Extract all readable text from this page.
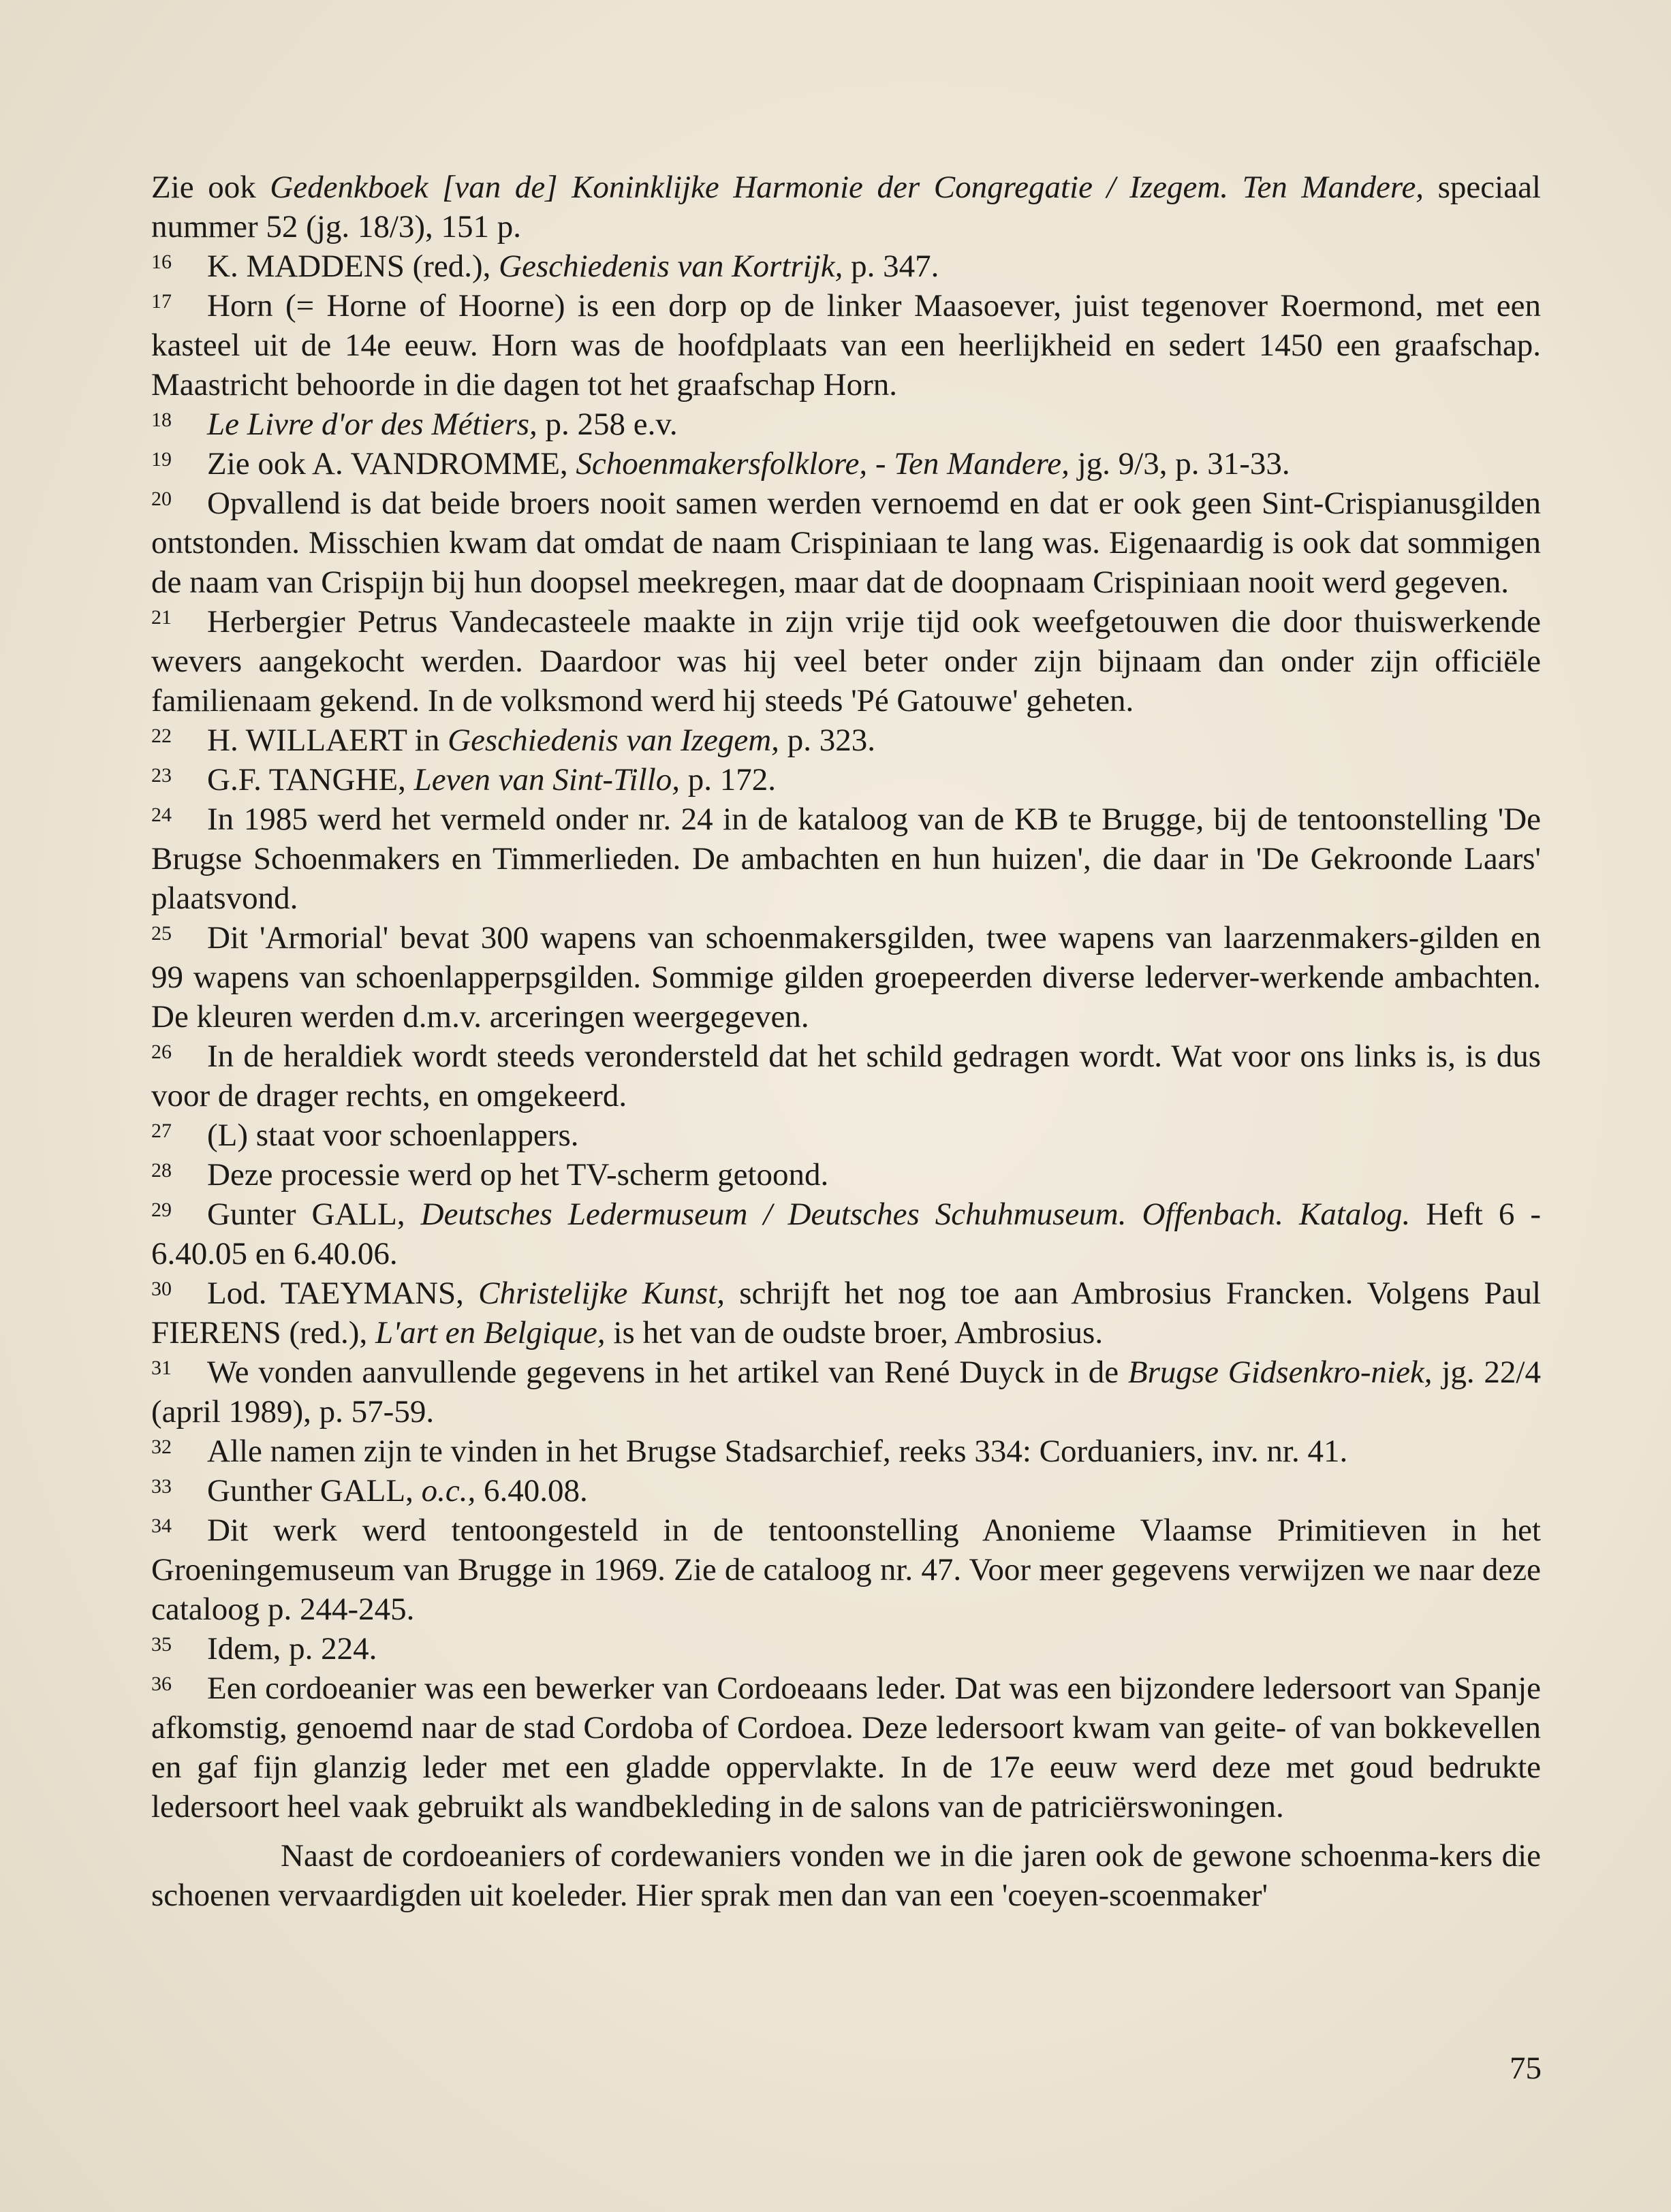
Zie ook Gedenkboek [van de] Koninklijke Harmonie der Congregatie / Izegem. Ten Mandere, speciaal nummer 52 (jg. 18/3), 151 p.

16 K. MADDENS (red.), Geschiedenis van Kortrijk, p. 347.

17 Horn (= Horne of Hoorne) is een dorp op de linker Maasoever, juist tegenover Roermond, met een kasteel uit de 14e eeuw. Horn was de hoofdplaats van een heerlijkheid en sedert 1450 een graafschap. Maastricht behoorde in die dagen tot het graafschap Horn.

18 Le Livre d'or des Métiers, p. 258 e.v.

19 Zie ook A. VANDROMME, Schoenmakersfolklore, - Ten Mandere, jg. 9/3, p. 31-33.

20 Opvallend is dat beide broers nooit samen werden vernoemd en dat er ook geen Sint-Crispianusgilden ontstonden. Misschien kwam dat omdat de naam Crispiniaan te lang was. Eigenaardig is ook dat sommigen de naam van Crispijn bij hun doopsel meekregen, maar dat de doopnaam Crispiniaan nooit werd gegeven.

21 Herbergier Petrus Vandecasteele maakte in zijn vrije tijd ook weefgetouwen die door thuiswerkende wevers aangekocht werden. Daardoor was hij veel beter onder zijn bijnaam dan onder zijn officiële familienaam gekend. In de volksmond werd hij steeds 'Pé Gatouwe' geheten.

22 H. WILLAERT in Geschiedenis van Izegem, p. 323.

23 G.F. TANGHE, Leven van Sint-Tillo, p. 172.

24 In 1985 werd het vermeld onder nr. 24 in de kataloog van de KB te Brugge, bij de tentoonstelling 'De Brugse Schoenmakers en Timmerlieden. De ambachten en hun huizen', die daar in 'De Gekroonde Laars' plaatsvond.

25 Dit 'Armorial' bevat 300 wapens van schoenmakersgilden, twee wapens van laarzenmakers-gilden en 99 wapens van schoenlapperpsgilden. Sommige gilden groepeerden diverse lederver-werkende ambachten. De kleuren werden d.m.v. arceringen weergegeven.

26 In de heraldiek wordt steeds verondersteld dat het schild gedragen wordt. Wat voor ons links is, is dus voor de drager rechts, en omgekeerd.

27 (L) staat voor schoenlappers.

28 Deze processie werd op het TV-scherm getoond.

29 Gunter GALL, Deutsches Ledermuseum / Deutsches Schuhmuseum. Offenbach. Katalog. Heft 6 - 6.40.05 en 6.40.06.

30 Lod. TAEYMANS, Christelijke Kunst, schrijft het nog toe aan Ambrosius Francken. Volgens Paul FIERENS (red.), L'art en Belgique, is het van de oudste broer, Ambrosius.

31 We vonden aanvullende gegevens in het artikel van René Duyck in de Brugse Gidsenkro-niek, jg. 22/4 (april 1989), p. 57-59.

32 Alle namen zijn te vinden in het Brugse Stadsarchief, reeks 334: Corduaniers, inv. nr. 41.

33 Gunther GALL, o.c., 6.40.08.

34 Dit werk werd tentoongesteld in de tentoonstelling Anonieme Vlaamse Primitieven in het Groeningemuseum van Brugge in 1969. Zie de cataloog nr. 47. Voor meer gegevens verwijzen we naar deze cataloog p. 244-245.

35 Idem, p. 224.

36 Een cordoeanier was een bewerker van Cordoeaans leder. Dat was een bijzondere ledersoort van Spanje afkomstig, genoemd naar de stad Cordoba of Cordoea. Deze ledersoort kwam van geite- of van bokkevellen en gaf fijn glanzig leder met een gladde oppervlakte. In de 17e eeuw werd deze met goud bedrukte ledersoort heel vaak gebruikt als wandbekleding in de salons van de patriciërswoningen.

Naast de cordoeaniers of cordewaniers vonden we in die jaren ook de gewone schoenma-kers die schoenen vervaardigden uit koeleder. Hier sprak men dan van een 'coeyen-scoenmaker'

75
